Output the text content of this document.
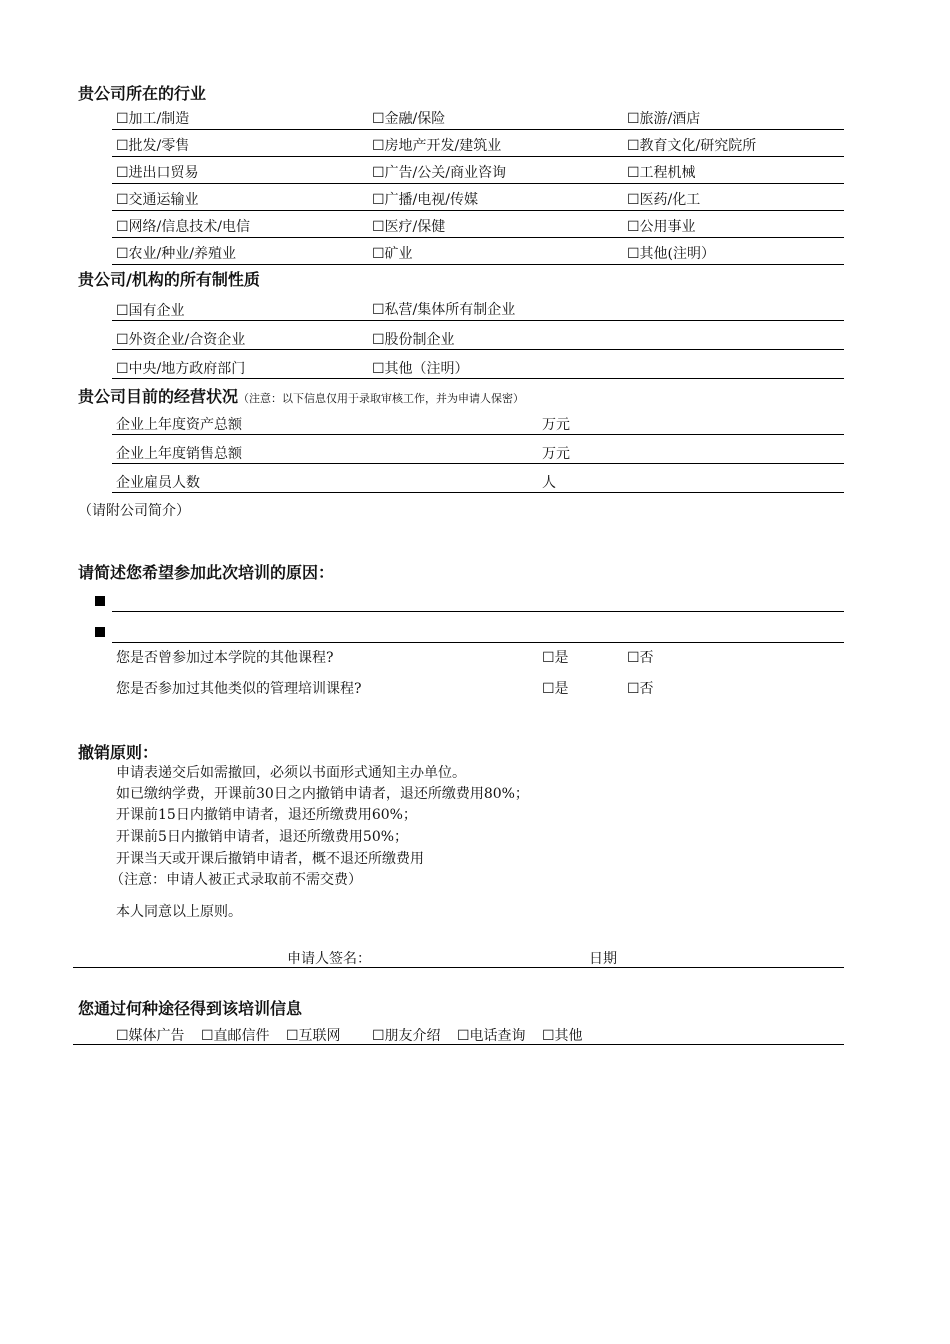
贵公司所在的行业
☐加工/制造	☐金融/保险	☐旅游/酒店
☐批发/零售	☐房地产开发/建筑业	☐教育文化/研究院所
☐进出口贸易	☐广告/公关/商业咨询	☐工程机械
☐交通运输业	☐广播/电视/传媒	☐医药/化工
☐网络/信息技术/电信	☐医疗/保健	☐公用事业
☐农业/种业/养殖业	☐矿业	☐其他(注明）
贵公司/机构的所有制性质
☐国有企业	☐私营/集体所有制企业
☐外资企业/合资企业	☐股份制企业
☐中央/地方政府部门	☐其他（注明）
贵公司目前的经营状况（注意：以下信息仅用于录取审核工作，并为申请人保密）
企业上年度资产总额	万元
企业上年度销售总额	万元
企业雇员人数	人
（请附公司简介）
请简述您希望参加此次培训的原因：
您是否曾参加过本学院的其他课程?	☐是	☐否
您是否参加过其他类似的管理培训课程?	☐是	☐否
撤销原则：
申请表递交后如需撤回，必须以书面形式通知主办单位。
如已缴纳学费，开课前30日之内撤销申请者，退还所缴费用80%；
开课前15日内撤销申请者，退还所缴费用60%；
开课前5日内撤销申请者，退还所缴费用50%；
开课当天或开课后撤销申请者，概不退还所缴费用
（注意：申请人被正式录取前不需交费）
本人同意以上原则。
申请人签名：	日期
您通过何种途径得到该培训信息
☐媒体广告 ☐直邮信件 ☐互联网 ☐朋友介绍 ☐电话查询 ☐其他
